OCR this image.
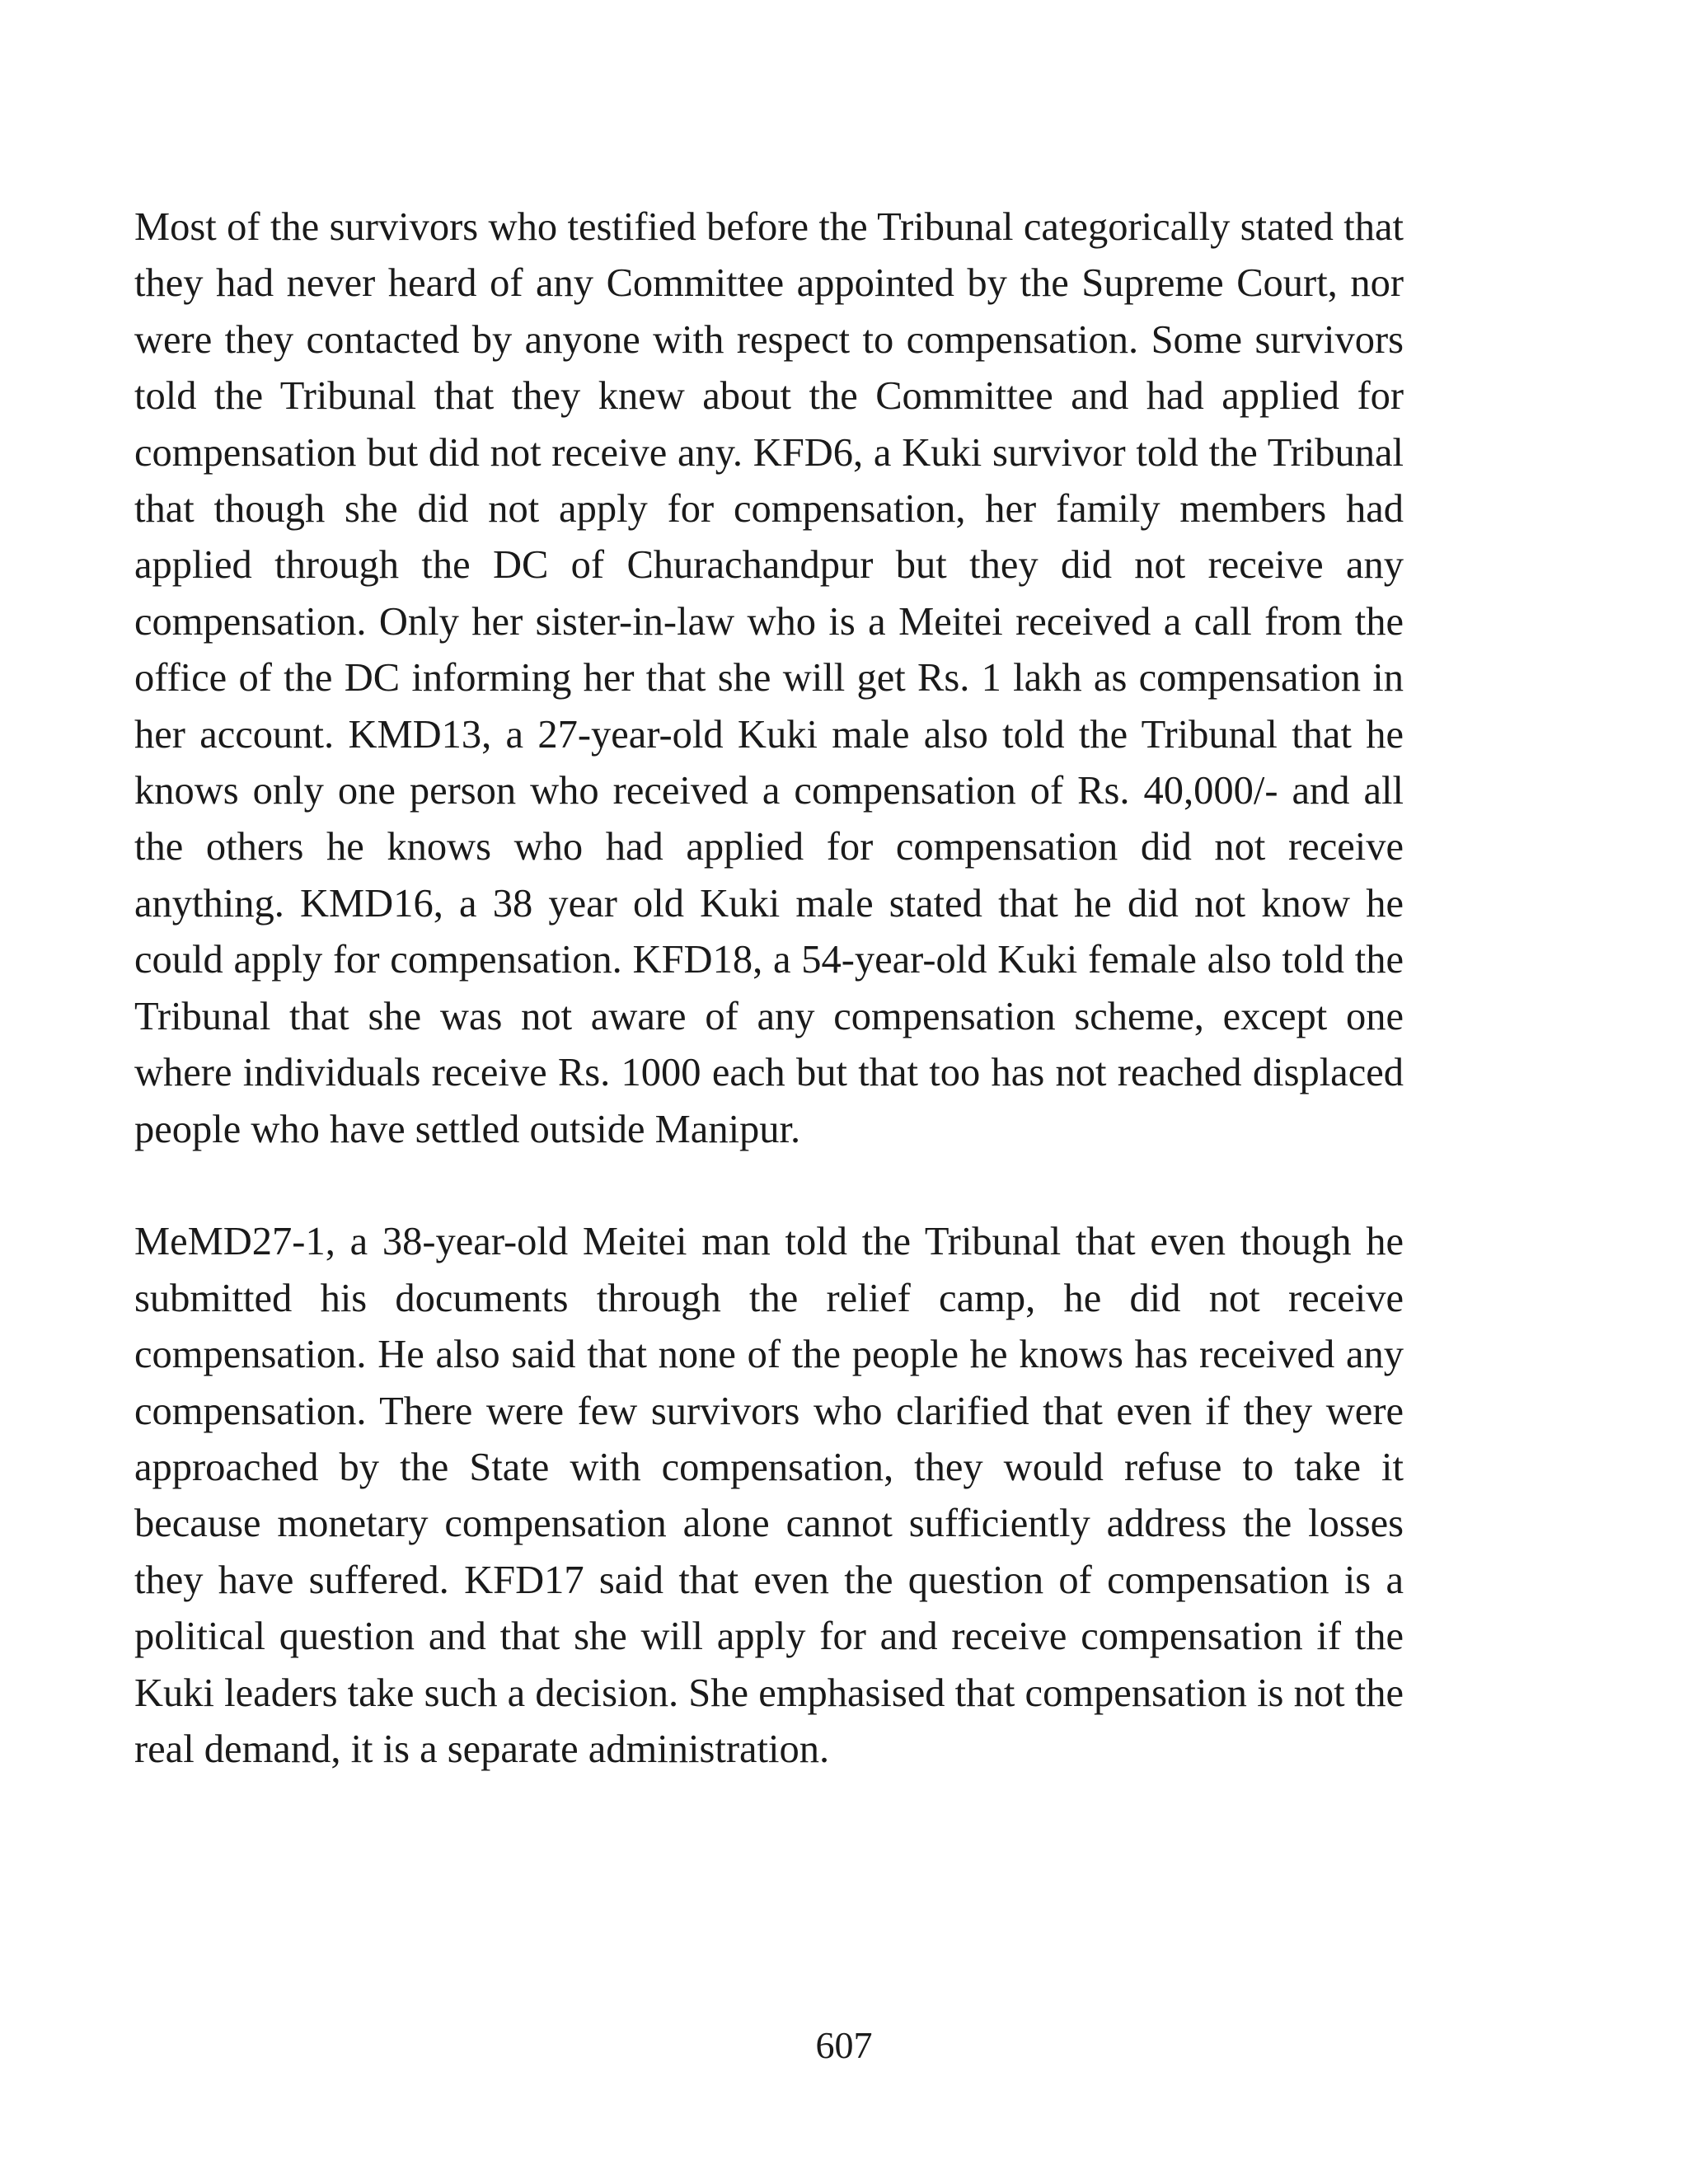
Most of the survivors who testified before the Tribunal categorically stated that they had never heard of any Committee appointed by the Supreme Court, nor were they contacted by anyone with respect to compensation. Some survivors told the Tribunal that they knew about the Committee and had applied for compensation but did not receive any. KFD6, a Kuki survivor told the Tribunal that though she did not apply for compensation, her family members had applied through the DC of Churachandpur but they did not receive any compensation. Only her sister-in-law who is a Meitei received a call from the office of the DC informing her that she will get Rs. 1 lakh as compensation in her account. KMD13, a 27-year-old Kuki male also told the Tribunal that he knows only one person who received a compensation of Rs. 40,000/- and all the others he knows who had applied for compensation did not receive anything. KMD16, a 38 year old Kuki male stated that he did not know he could apply for compensation. KFD18, a 54-year-old Kuki female also told the Tribunal that she was not aware of any compensation scheme, except one where individuals receive Rs. 1000 each but that too has not reached displaced people who have settled outside Manipur.

MeMD27-1, a 38-year-old Meitei man told the Tribunal that even though he submitted his documents through the relief camp, he did not receive compensation. He also said that none of the people he knows has received any compensation. There were few survivors who clarified that even if they were approached by the State with compensation, they would refuse to take it because monetary compensation alone cannot sufficiently address the losses they have suffered. KFD17 said that even the question of compensation is a political question and that she will apply for and receive compensation if the Kuki leaders take such a decision. She emphasised that compensation is not the real demand, it is a separate administration.

607
